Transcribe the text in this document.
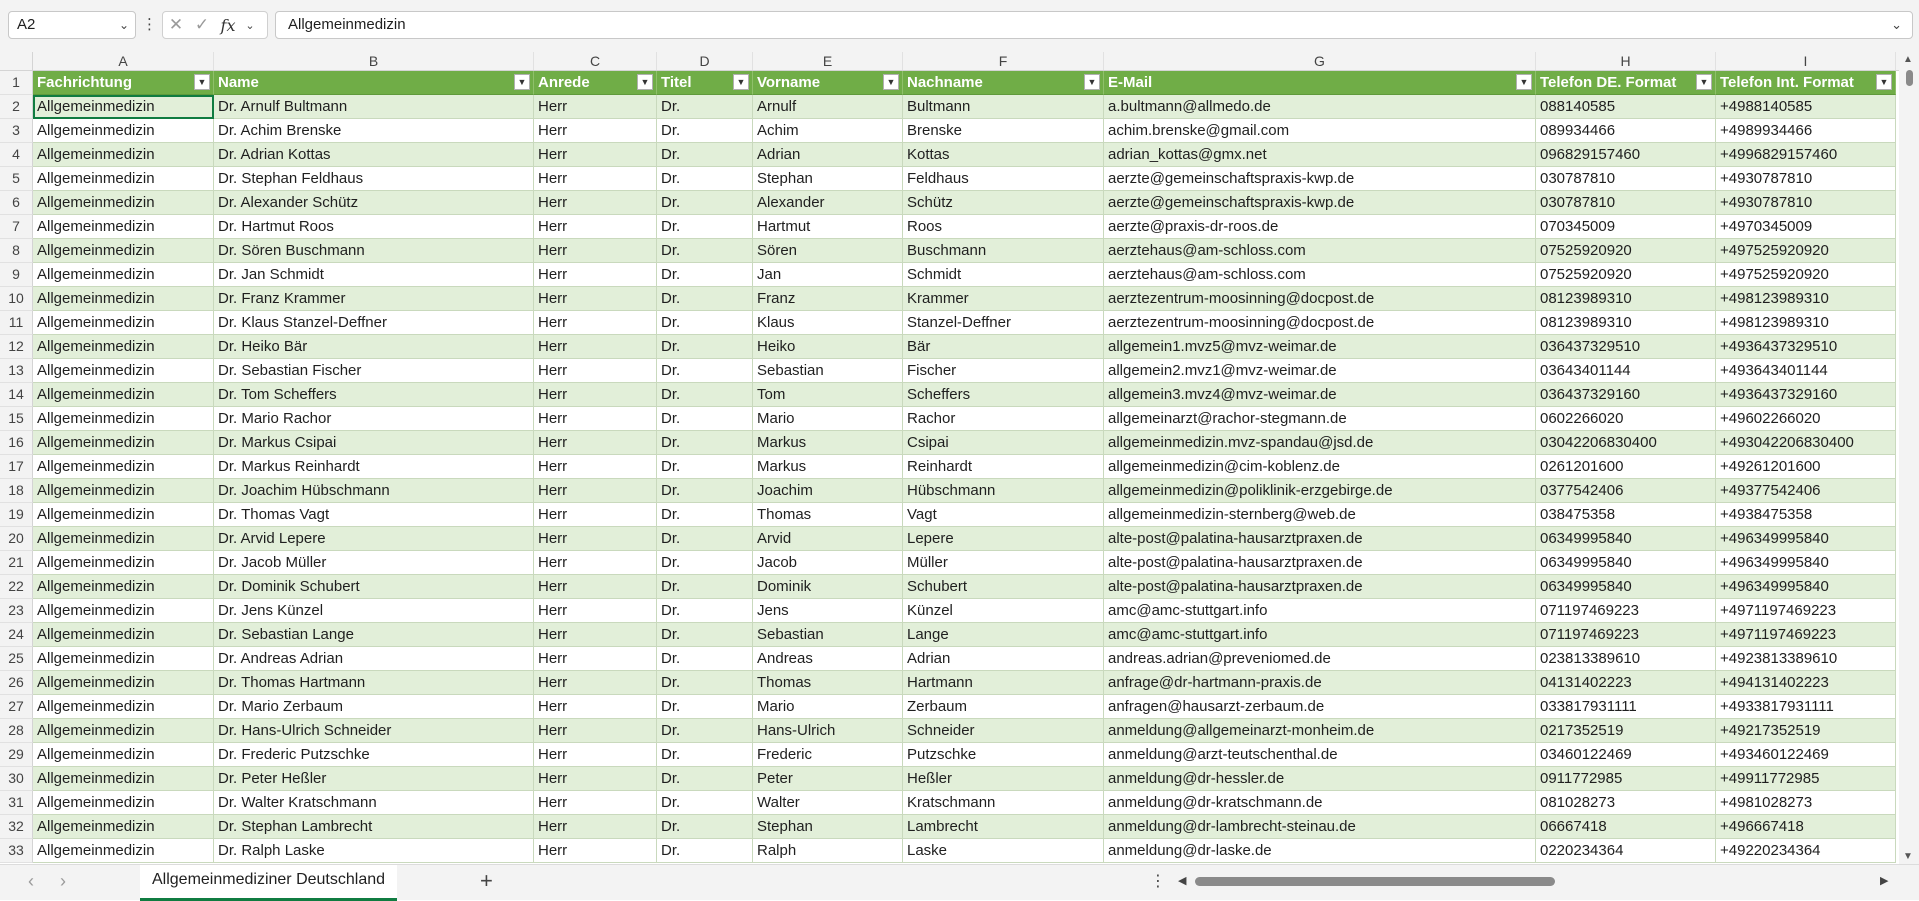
A2	⌄ ⋮ ✕ ✓ fx ⌄	Allgemeinmedizin	⌄
A	B	C	D	E	F	G	H	I
1	Fachrichtung	▼ Name	▼ Anrede	▼ Titel	▼ Vorname	▼ Nachname	▼ E-Mail	▼ Telefon DE. Format	▼ Telefon Int. Format	▼
2	Allgemeinmedizin	Dr. Arnulf Bultmann	Herr	Dr.	Arnulf	Bultmann	a.bultmann@allmedo.de	088140585	+4988140585
3	Allgemeinmedizin	Dr. Achim Brenske	Herr	Dr.	Achim	Brenske	achim.brenske@gmail.com	089934466	+4989934466
4	Allgemeinmedizin	Dr. Adrian Kottas	Herr	Dr.	Adrian	Kottas	adrian_kottas@gmx.net	096829157460	+4996829157460
5	Allgemeinmedizin	Dr. Stephan Feldhaus	Herr	Dr.	Stephan	Feldhaus	aerzte@gemeinschaftspraxis-kwp.de	030787810	+4930787810
6	Allgemeinmedizin	Dr. Alexander Schütz	Herr	Dr.	Alexander	Schütz	aerzte@gemeinschaftspraxis-kwp.de	030787810	+4930787810
7	Allgemeinmedizin	Dr. Hartmut Roos	Herr	Dr.	Hartmut	Roos	aerzte@praxis-dr-roos.de	070345009	+4970345009
8	Allgemeinmedizin	Dr. Sören Buschmann	Herr	Dr.	Sören	Buschmann	aerztehaus@am-schloss.com	07525920920	+497525920920
9	Allgemeinmedizin	Dr. Jan Schmidt	Herr	Dr.	Jan	Schmidt	aerztehaus@am-schloss.com	07525920920	+497525920920
10 Allgemeinmedizin	Dr. Franz Krammer	Herr	Dr.	Franz	Krammer	aerztezentrum-moosinning@docpost.de	08123989310	+498123989310
11 Allgemeinmedizin	Dr. Klaus Stanzel-Deffner	Herr	Dr.	Klaus	Stanzel-Deffner	aerztezentrum-moosinning@docpost.de	08123989310	+498123989310
12 Allgemeinmedizin	Dr. Heiko Bär	Herr	Dr.	Heiko	Bär	allgemein1.mvz5@mvz-weimar.de	036437329510	+4936437329510
13 Allgemeinmedizin	Dr. Sebastian Fischer	Herr	Dr.	Sebastian	Fischer	allgemein2.mvz1@mvz-weimar.de	03643401144	+493643401144
14 Allgemeinmedizin	Dr. Tom Scheffers	Herr	Dr.	Tom	Scheffers	allgemein3.mvz4@mvz-weimar.de	036437329160	+4936437329160
15 Allgemeinmedizin	Dr. Mario Rachor	Herr	Dr.	Mario	Rachor	allgemeinarzt@rachor-stegmann.de	0602266020	+49602266020
16 Allgemeinmedizin	Dr. Markus Csipai	Herr	Dr.	Markus	Csipai	allgemeinmedizin.mvz-spandau@jsd.de	03042206830400	+493042206830400
17 Allgemeinmedizin	Dr. Markus Reinhardt	Herr	Dr.	Markus	Reinhardt	allgemeinmedizin@cim-koblenz.de	0261201600	+49261201600
18 Allgemeinmedizin	Dr. Joachim Hübschmann	Herr	Dr.	Joachim	Hübschmann	allgemeinmedizin@poliklinik-erzgebirge.de	0377542406	+49377542406
19 Allgemeinmedizin	Dr. Thomas Vagt	Herr	Dr.	Thomas	Vagt	allgemeinmedizin-sternberg@web.de	038475358	+4938475358
20 Allgemeinmedizin	Dr. Arvid Lepere	Herr	Dr.	Arvid	Lepere	alte-post@palatina-hausarztpraxen.de	06349995840	+496349995840
21 Allgemeinmedizin	Dr. Jacob Müller	Herr	Dr.	Jacob	Müller	alte-post@palatina-hausarztpraxen.de	06349995840	+496349995840
22 Allgemeinmedizin	Dr. Dominik Schubert	Herr	Dr.	Dominik	Schubert	alte-post@palatina-hausarztpraxen.de	06349995840	+496349995840
23 Allgemeinmedizin	Dr. Jens Künzel	Herr	Dr.	Jens	Künzel	amc@amc-stuttgart.info	071197469223	+4971197469223
24 Allgemeinmedizin	Dr. Sebastian Lange	Herr	Dr.	Sebastian	Lange	amc@amc-stuttgart.info	071197469223	+4971197469223
25 Allgemeinmedizin	Dr. Andreas Adrian	Herr	Dr.	Andreas	Adrian	andreas.adrian@preveniomed.de	023813389610	+4923813389610
26 Allgemeinmedizin	Dr. Thomas Hartmann	Herr	Dr.	Thomas	Hartmann	anfrage@dr-hartmann-praxis.de	04131402223	+494131402223
27 Allgemeinmedizin	Dr. Mario Zerbaum	Herr	Dr.	Mario	Zerbaum	anfragen@hausarzt-zerbaum.de	033817931111	+4933817931111
28 Allgemeinmedizin	Dr. Hans-Ulrich Schneider	Herr	Dr.	Hans-Ulrich	Schneider	anmeldung@allgemeinarzt-monheim.de	0217352519	+49217352519
29 Allgemeinmedizin	Dr. Frederic Putzschke	Herr	Dr.	Frederic	Putzschke	anmeldung@arzt-teutschenthal.de	03460122469	+493460122469
30 Allgemeinmedizin	Dr. Peter Heßler	Herr	Dr.	Peter	Heßler	anmeldung@dr-hessler.de	0911772985	+49911772985
31 Allgemeinmedizin	Dr. Walter Kratschmann	Herr	Dr.	Walter	Kratschmann	anmeldung@dr-kratschmann.de	081028273	+4981028273
32 Allgemeinmedizin	Dr. Stephan Lambrecht	Herr	Dr.	Stephan	Lambrecht	anmeldung@dr-lambrecht-steinau.de	06667418	+496667418
33 Allgemeinmedizin	Dr. Ralph Laske	Herr	Dr.	Ralph	Laske	anmeldung@dr-laske.de	0220234364	+49220234364
▲
▼
‹ ›	Allgemeinmediziner Deutschland	+	⋮ ◀	▶
